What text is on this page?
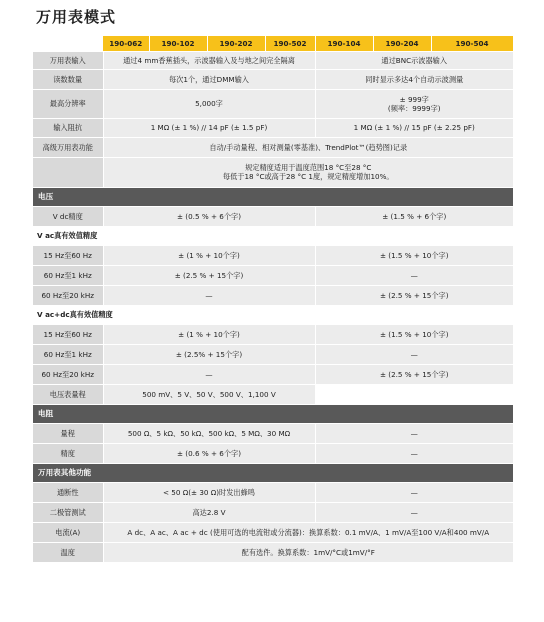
万用表模式
	190-062	190-102	190-202	190-502	190-104	190-204	190-504
万用表输入	通过4 mm香蕉插头，示波器输入及与地之间完全隔离				通过BNC示波器输入		
读数数量	每次1个，通过DMM输入				同时显示多达4个自动示波测量		
最高分辨率	5,000字				± 999字
(频率：9999字)		

输入阻抗	1 MΩ (± 1 %) // 14 pF (± 1.5 pF)				1 MΩ (± 1 %) // 15 pF (± 2.25 pF)		
高级万用表功能	自动/手动量程、相对测量(零基准)、TrendPlot™(趋势图)记录						

	规定精度适用于温度范围18 °C至28 °C
每低于18 °C或高于28 °C 1度，规定精度增加10%。						

电压							
V dc精度	± (0.5 % + 6个字)				± (1.5 % + 6个字)		
V ac真有效值精度							
15 Hz至60 Hz	± (1 % + 10个字)				± (1.5 % + 10个字)		
60 Hz至1 kHz	± (2.5 % + 15个字)				—		
60 Hz至20 kHz	—				± (2.5 % + 15个字)		
V ac+dc真有效值精度							
15 Hz至60 Hz	± (1 % + 10个字)				± (1.5 % + 10个字)		
60 Hz至1 kHz	± (2.5% + 15个字)				—		
60 Hz至20 kHz	—				± (2.5 % + 15个字)		
电压表量程	500 mV、5 V、50 V、500 V、1,100 V						
电阻							
量程	500 Ω、5 kΩ、50 kΩ、500 kΩ、5 MΩ、30 MΩ				—		
精度	± (0.6 % + 6个字)				—		
万用表其他功能							
通断性	< 50 Ω(± 30 Ω)时发出蜂鸣				—		
二极管测试	高达2.8 V				—		
电流(A)	A dc、A ac、A ac + dc (使用可选的电流钳或分流器)：换算系数：0.1 mV/A、1 mV/A至100 V/A和400 mV/A						
温度	配有选件。换算系数：1mV/°C或1mV/°F						
